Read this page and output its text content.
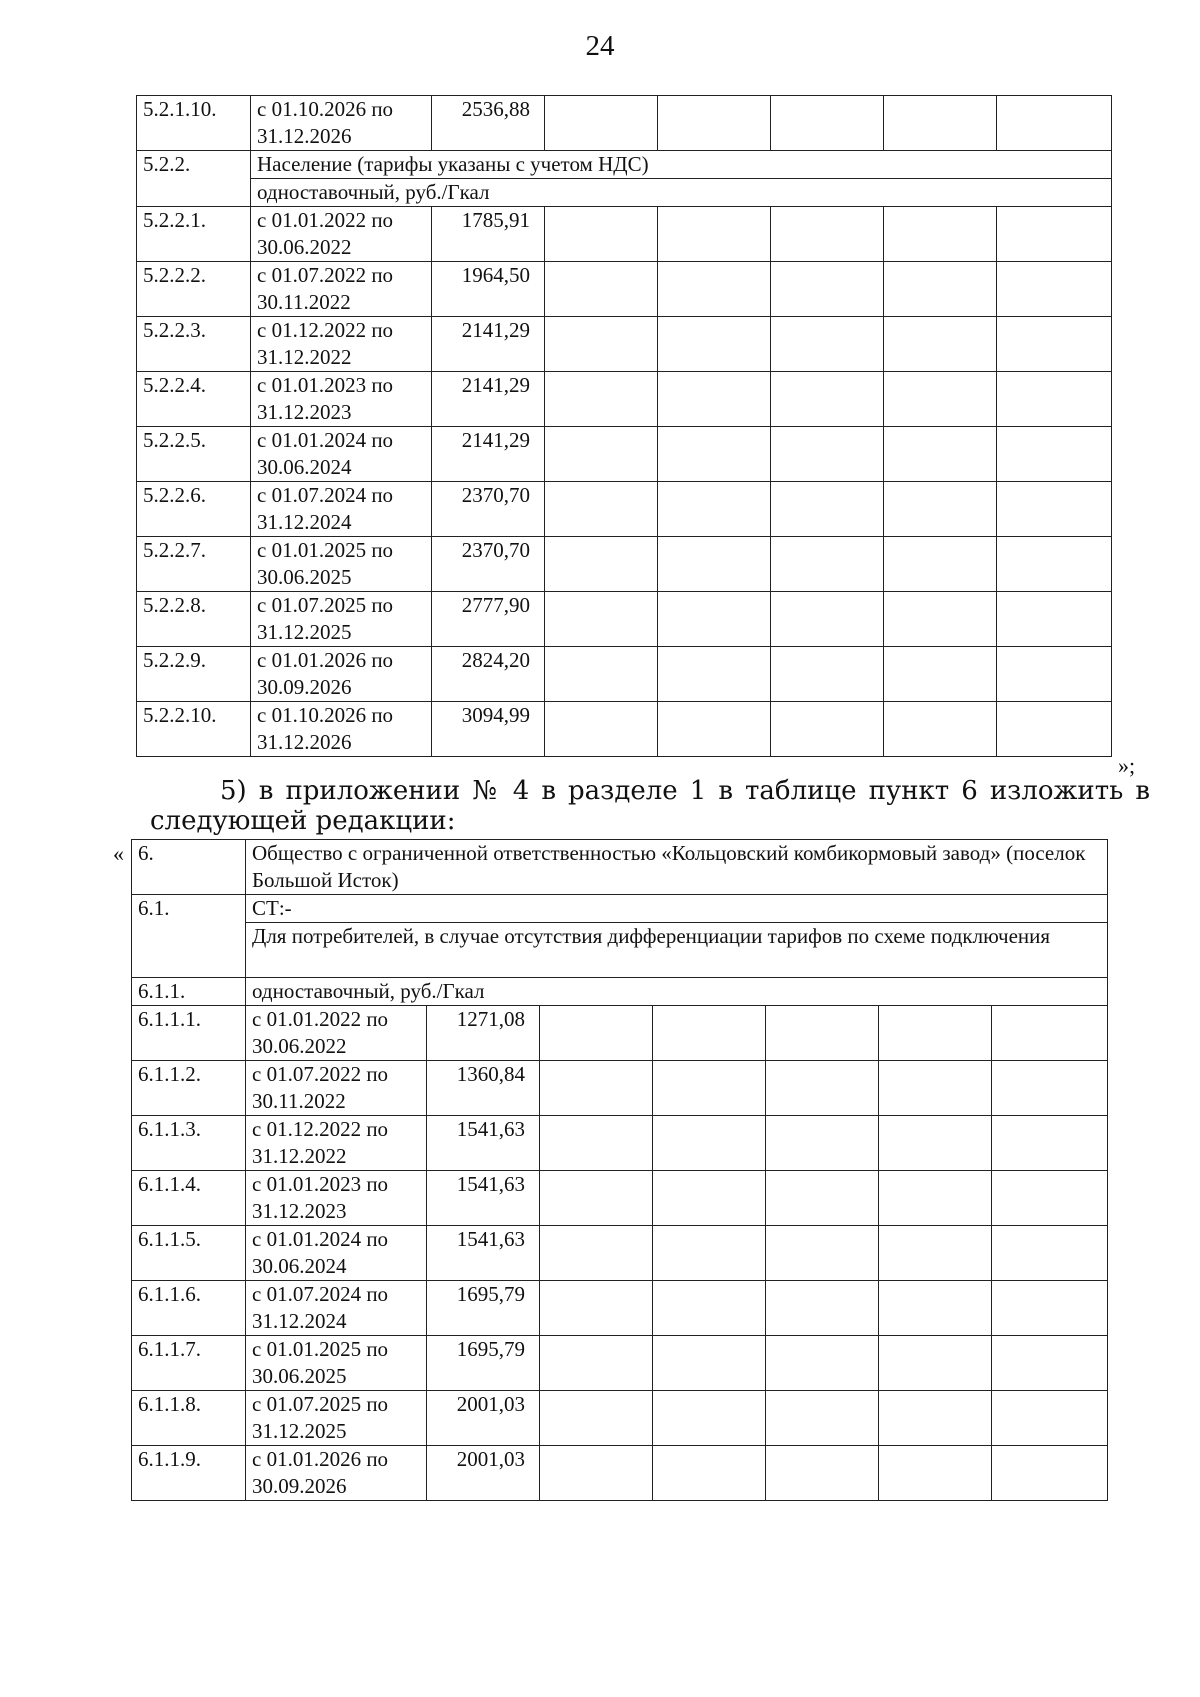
24
5.2.1.10.	с 01.10.2026 по 31.12.2026	2536,88					
5.2.2.	Население (тарифы указаны с учетом НДС)						
	одноставочный, руб./Гкал						
5.2.2.1.	с 01.01.2022 по 30.06.2022	1785,91					
5.2.2.2.	с 01.07.2022 по 30.11.2022	1964,50					
5.2.2.3.	с 01.12.2022 по 31.12.2022	2141,29					
5.2.2.4.	с 01.01.2023 по 31.12.2023	2141,29					
5.2.2.5.	с 01.01.2024 по 30.06.2024	2141,29					
5.2.2.6.	с 01.07.2024 по 31.12.2024	2370,70					
5.2.2.7.	с 01.01.2025 по 30.06.2025	2370,70					
5.2.2.8.	с 01.07.2025 по 31.12.2025	2777,90					
5.2.2.9.	с 01.01.2026 по 30.09.2026	2824,20					
5.2.2.10.	с 01.10.2026 по 31.12.2026	3094,99					
»;
5) в приложении № 4 в разделе 1 в таблице пункт 6 изложить в следующей редакции:
« 6.	Общество с ограниченной ответственностью «Кольцовский комбикормовый завод» (поселок Большой Исток)						
6.1.	СТ:-						
	Для потребителей, в случае отсутствия дифференциации тарифов по схеме подключения						
6.1.1.	одноставочный, руб./Гкал						
6.1.1.1.	с 01.01.2022 по 30.06.2022	1271,08					
6.1.1.2.	с 01.07.2022 по 30.11.2022	1360,84					
6.1.1.3.	с 01.12.2022 по 31.12.2022	1541,63					
6.1.1.4.	с 01.01.2023 по 31.12.2023	1541,63					
6.1.1.5.	с 01.01.2024 по 30.06.2024	1541,63					
6.1.1.6.	с 01.07.2024 по 31.12.2024	1695,79					
6.1.1.7.	с 01.01.2025 по 30.06.2025	1695,79					
6.1.1.8.	с 01.07.2025 по 31.12.2025	2001,03					
6.1.1.9.	с 01.01.2026 по 30.09.2026	2001,03					
